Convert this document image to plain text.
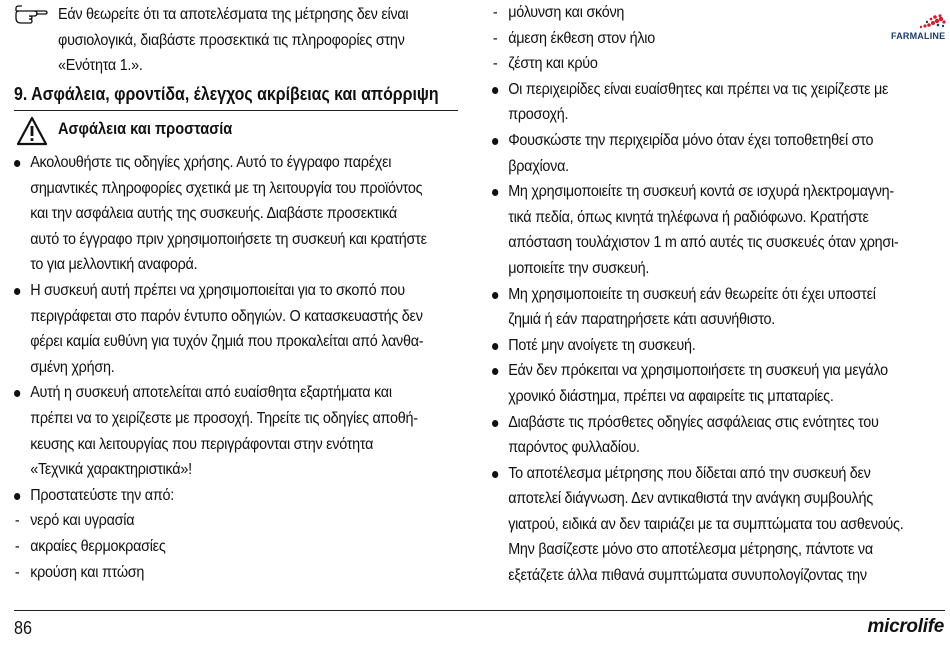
Εάν θεωρείτε ότι τα αποτελέσματα της μέτρησης δεν είναι
φυσιολογικά, διαβάστε προσεκτικά τις πληροφορίες στην
«Ενότητα 1.».
9. Ασφάλεια, φροντίδα, έλεγχος ακρίβειας και απόρριψη
Ασφάλεια και προστασία
Ακολουθήστε τις οδηγίες χρήσης. Αυτό το έγγραφο παρέχει
σημαντικές πληροφορίες σχετικά με τη λειτουργία του προϊόντος
και την ασφάλεια αυτής της συσκευής. Διαβάστε προσεκτικά
αυτό το έγγραφο πριν χρησιμοποιήσετε τη συσκευή και κρατήστε
το για μελλοντική αναφορά.
Η συσκευή αυτή πρέπει να χρησιμοποιείται για το σκοπό που
περιγράφεται στο παρόν έντυπο οδηγιών. Ο κατασκευαστής δεν
φέρει καμία ευθύνη για τυχόν ζημιά που προκαλείται από λανθα-
σμένη χρήση.
Αυτή η συσκευή αποτελείται από ευαίσθητα εξαρτήματα και
πρέπει να το χειρίζεστε με προσοχή. Τηρείτε τις οδηγίες αποθή-
κευσης και λειτουργίας που περιγράφονται στην ενότητα
«Τεχνικά χαρακτηριστικά»!
Προστατεύστε την από:
- νερό και υγρασία
- ακραίες θερμοκρασίες
- κρούση και πτώση
- μόλυνση και σκόνη
- άμεση έκθεση στον ήλιο
- ζέστη και κρύο
Οι περιχειρίδες είναι ευαίσθητες και πρέπει να τις χειρίζεστε με
προσοχή.
Φουσκώστε την περιχειρίδα μόνο όταν έχει τοποθετηθεί στο
βραχίονα.
Μη χρησιμοποιείτε τη συσκευή κοντά σε ισχυρά ηλεκτρομαγνη-
τικά πεδία, όπως κινητά τηλέφωνα ή ραδιόφωνο. Κρατήστε
απόσταση τουλάχιστον 1 m από αυτές τις συσκευές όταν χρησι-
μοποιείτε την συσκευή.
Μη χρησιμοποιείτε τη συσκευή εάν θεωρείτε ότι έχει υποστεί
ζημιά ή εάν παρατηρήσετε κάτι ασυνήθιστο.
Ποτέ μην ανοίγετε τη συσκευή.
Εάν δεν πρόκειται να χρησιμοποιήσετε τη συσκευή για μεγάλο
χρονικό διάστημα, πρέπει να αφαιρείτε τις μπαταρίες.
Διαβάστε τις πρόσθετες οδηγίες ασφάλειας στις ενότητες του
παρόντος φυλλαδίου.
Το αποτέλεσμα μέτρησης που δίδεται από την συσκευή δεν
αποτελεί διάγνωση. Δεν αντικαθιστά την ανάγκη συμβουλής
γιατρού, ειδικά αν δεν ταιριάζει με τα συμπτώματα του ασθενούς.
Μην βασίζεστε μόνο στο αποτέλεσμα μέτρησης, πάντοτε να
εξετάζετε άλλα πιθανά συμπτώματα συνυπολογίζοντας την
FARMALINE
86	microlife
